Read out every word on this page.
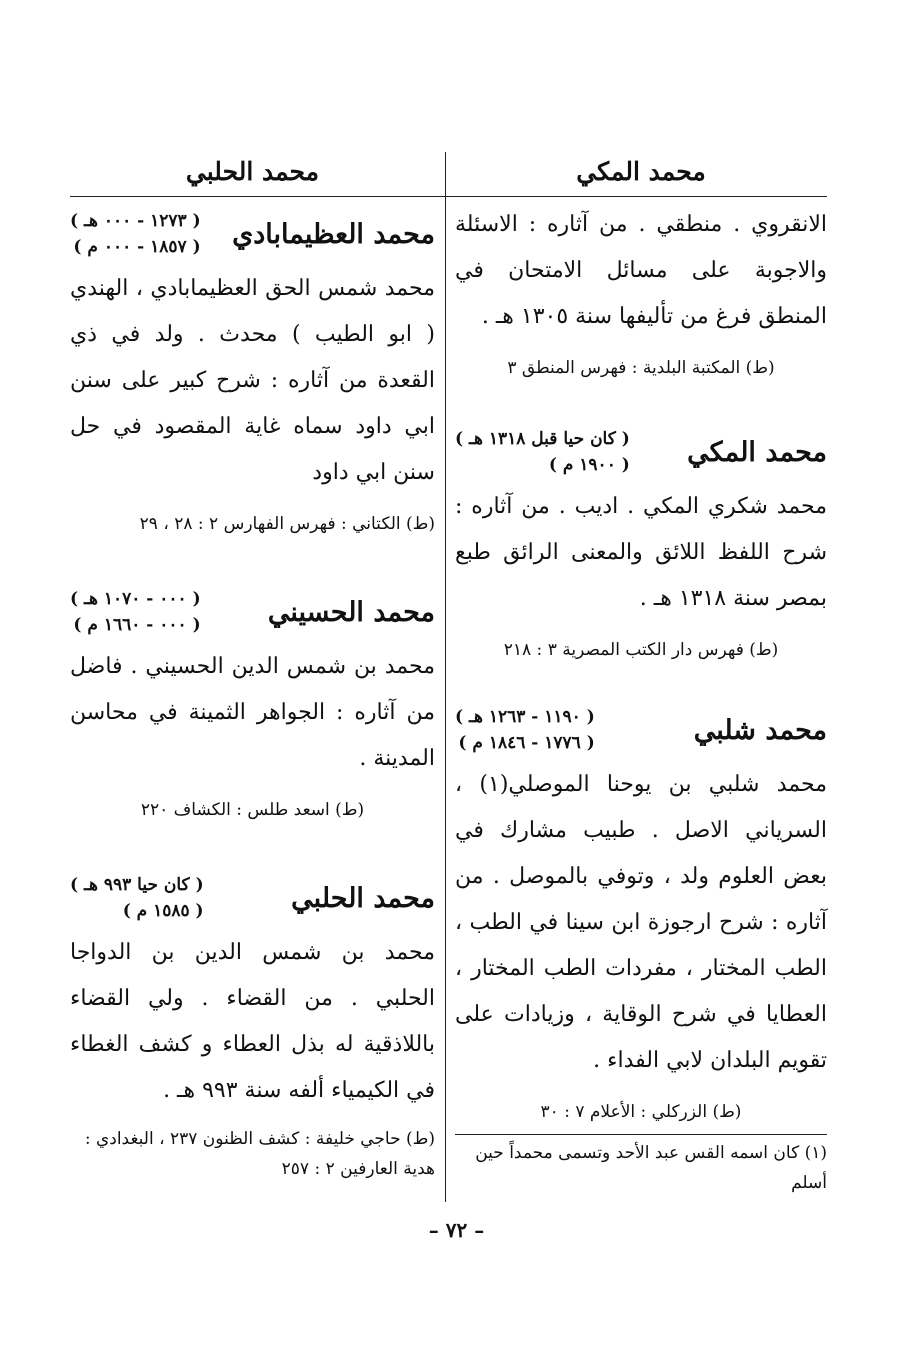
محمد المكي

الانقروي . منطقي . من آثاره : الاسئلة والاجوبة على مسائل الامتحان في المنطق فرغ من تأليفها سنة ١٣٠٥ هـ .

(ط) المكتبة البلدية : فهرس المنطق ٣

محمد المكي
( كان حيا قبل ١٣١٨ هـ )
( ١٩٠٠ م )

محمد شكري المكي . اديب . من آثاره : شرح اللفظ اللائق والمعنى الرائق طبع بمصر سنة ١٣١٨ هـ .

(ط) فهرس دار الكتب المصرية ٣ : ٢١٨

محمد شلبي
( ١١٩٠ - ١٢٦٣ هـ )
( ١٧٧٦ - ١٨٤٦ م )

محمد شلبي بن يوحنا الموصلي(١) ، السرياني الاصل . طبيب مشارك في بعض العلوم ولد ، وتوفي بالموصل . من آثاره : شرح ارجوزة ابن سينا في الطب ، الطب المختار ، مفردات الطب المختار ، العطايا في شرح الوقاية ، وزيادات على تقويم البلدان لابي الفداء .

(ط) الزركلي : الأعلام ٧ : ٣٠

محمد الحلبي
محمد العظيمابادي
( ١٢٧٣ - ٠٠٠ هـ )
( ١٨٥٧ - ٠٠٠ م )

محمد شمس الحق العظيمابادي ، الهندي ( ابو الطيب ) محدث . ولد في ذي القعدة من آثاره : شرح كبير على سنن ابي داود سماه غاية المقصود في حل سنن ابي داود

(ط) الكتاني : فهرس الفهارس ٢ : ٢٨ ، ٢٩

محمد الحسيني
( ٠٠٠ - ١٠٧٠ هـ )
( ٠٠٠ - ١٦٦٠ م )

محمد بن شمس الدين الحسيني . فاضل من آثاره : الجواهر الثمينة في محاسن المدينة .

(ط) اسعد طلس : الكشاف ٢٢٠

محمد الحلبي
( كان حيا ٩٩٣ هـ )
( ١٥٨٥ م )

محمد بن شمس الدين بن الدواجا الحلبي . من القضاء . ولي القضاء باللاذقية له بذل العطاء و كشف الغطاء في الكيمياء ألفه سنة ٩٩٣ هـ .

(ط) حاجي خليفة : كشف الظنون ٢٣٧ ، البغدادي : هدية العارفين ٢ : ٢٥٧

(١) كان اسمه القس عبد الأحد وتسمى محمداً حين أسلم
– ٧٢ –
